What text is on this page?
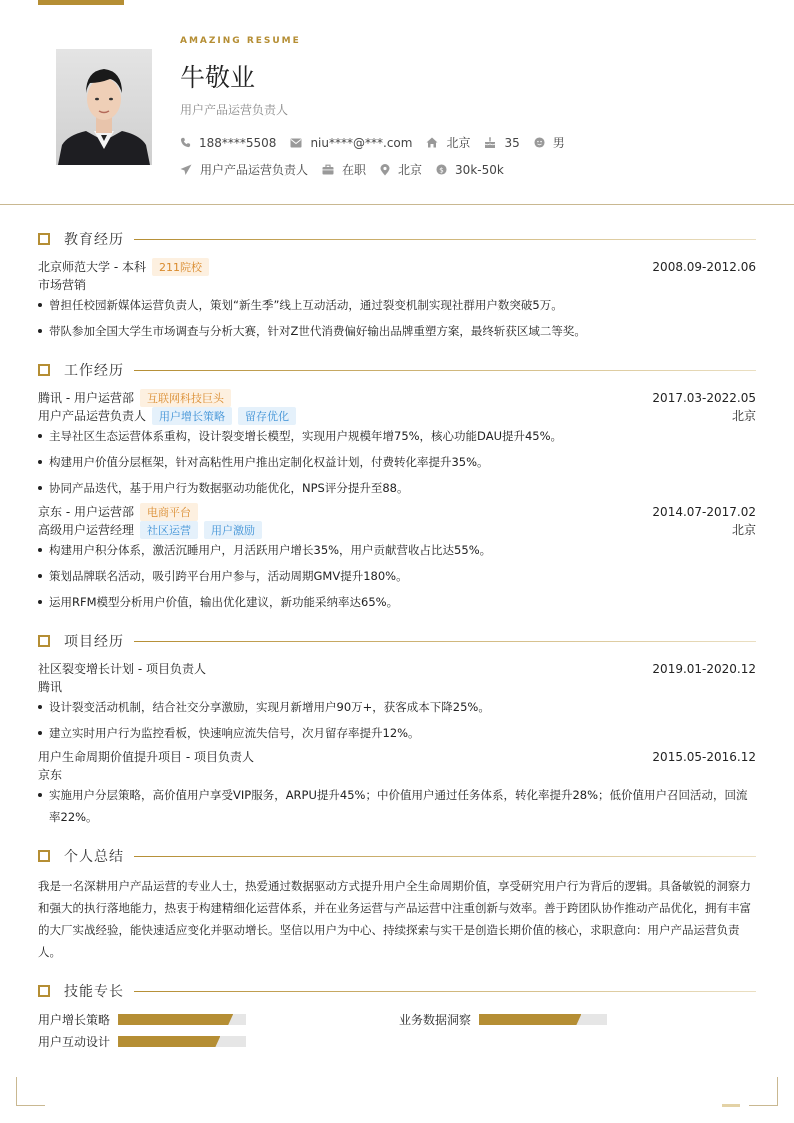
AMAZING RESUME
牛敬业
用户产品运营负责人
188****5508	niu****@***.com	北京	35	男
用户产品运营负责人	在职	北京 $ 30k-50k
教育经历
北京师范大学 - 本科	211院校	2008.09-2012.06
市场营销
曾担任校园新媒体运营负责人，策划“新生季”线上互动活动，通过裂变机制实现社群用户数突破5万。
带队参加全国大学生市场调查与分析大赛，针对Z世代消费偏好输出品牌重塑方案，最终斩获区域二等奖。
工作经历
腾讯 - 用户运营部	互联网科技巨头	2017.03-2022.05
用户产品运营负责人	用户增长策略	留存优化	北京
主导社区生态运营体系重构，设计裂变增长模型，实现用户规模年增75%，核心功能DAU提升45%。
构建用户价值分层框架，针对高粘性用户推出定制化权益计划，付费转化率提升35%。
协同产品迭代，基于用户行为数据驱动功能优化，NPS评分提升至88。
京东 - 用户运营部	电商平台	2014.07-2017.02
高级用户运营经理	社区运营	用户激励	北京
构建用户积分体系，激活沉睡用户，月活跃用户增长35%，用户贡献营收占比达55%。
策划品牌联名活动，吸引跨平台用户参与，活动周期GMV提升180%。
运用RFM模型分析用户价值，输出优化建议，新功能采纳率达65%。
项目经历
社区裂变增长计划 - 项目负责人	2019.01-2020.12
腾讯
设计裂变活动机制，结合社交分享激励，实现月新增用户90万+，获客成本下降25%。
建立实时用户行为监控看板，快速响应流失信号，次月留存率提升12%。
用户生命周期价值提升项目 - 项目负责人	2015.05-2016.12
京东
实施用户分层策略，高价值用户享受VIP服务，ARPU提升45%；中价值用户通过任务体系，转化率提升28%；低价值用户召回活动，回流率22%。
个人总结
我是一名深耕用户产品运营的专业人士，热爱通过数据驱动方式提升用户全生命周期价值，享受研究用户行为背后的逻辑。具备敏锐的洞察力和强大的执行落地能力，热衷于构建精细化运营体系，并在业务运营与产品运营中注重创新与效率。善于跨团队协作推动产品优化，拥有丰富的大厂实战经验，能快速适应变化并驱动增长。坚信以用户为中心、持续探索与实干是创造长期价值的核心，求职意向：用户产品运营负责人。
技能专长
用户增长策略	业务数据洞察
用户互动设计
